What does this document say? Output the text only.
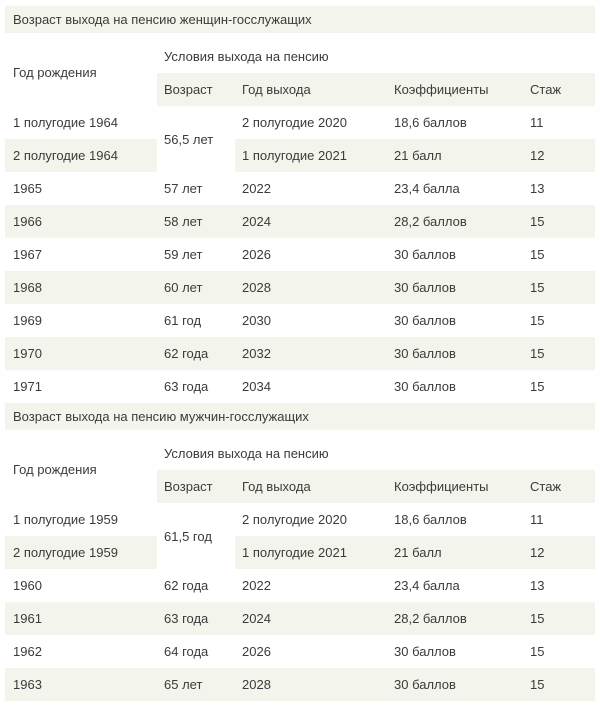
Возраст выхода на пенсию женщин-госслужащих				

Год рождения	Условия выхода на пенсию			
	Возраст	Год выхода	Коэффициенты	Стаж
1 полугодие 1964	56,5 лет	2 полугодие 2020	18,6 баллов	11
2 полугодие 1964		1 полугодие 2021	21 балл	12
1965	57 лет	2022	23,4 балла	13
1966	58 лет	2024	28,2 баллов	15
1967	59 лет	2026	30 баллов	15
1968	60 лет	2028	30 баллов	15
1969	61 год	2030	30 баллов	15
1970	62 года	2032	30 баллов	15
1971	63 года	2034	30 баллов	15
Возраст выхода на пенсию мужчин-госслужащих				

Год рождения	Условия выхода на пенсию			
	Возраст	Год выхода	Коэффициенты	Стаж
1 полугодие 1959	61,5 год	2 полугодие 2020	18,6 баллов	11
2 полугодие 1959		1 полугодие 2021	21 балл	12
1960	62 года	2022	23,4 балла	13
1961	63 года	2024	28,2 баллов	15
1962	64 года	2026	30 баллов	15
1963	65 лет	2028	30 баллов	15
